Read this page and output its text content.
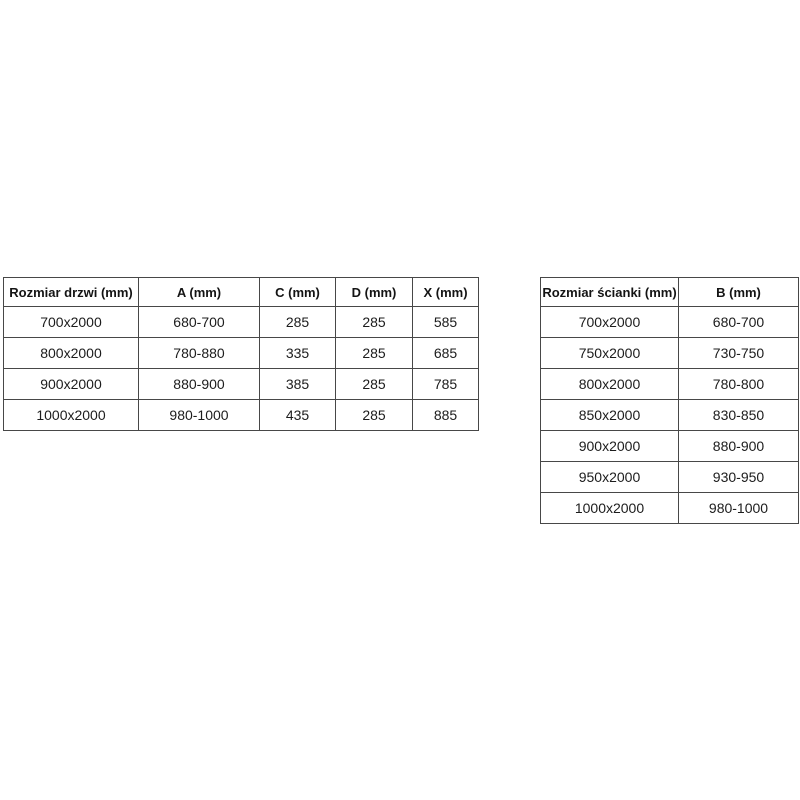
Rozmiar drzwi (mm)	A (mm)	C (mm)	D (mm)	X (mm)
700x2000	680-700	285	285	585
800x2000	780-880	335	285	685
900x2000	880-900	385	285	785
1000x2000	980-1000	435	285	885
Rozmiar ścianki (mm)	B (mm)
700x2000	680-700
750x2000	730-750
800x2000	780-800
850x2000	830-850
900x2000	880-900
950x2000	930-950
1000x2000	980-1000
